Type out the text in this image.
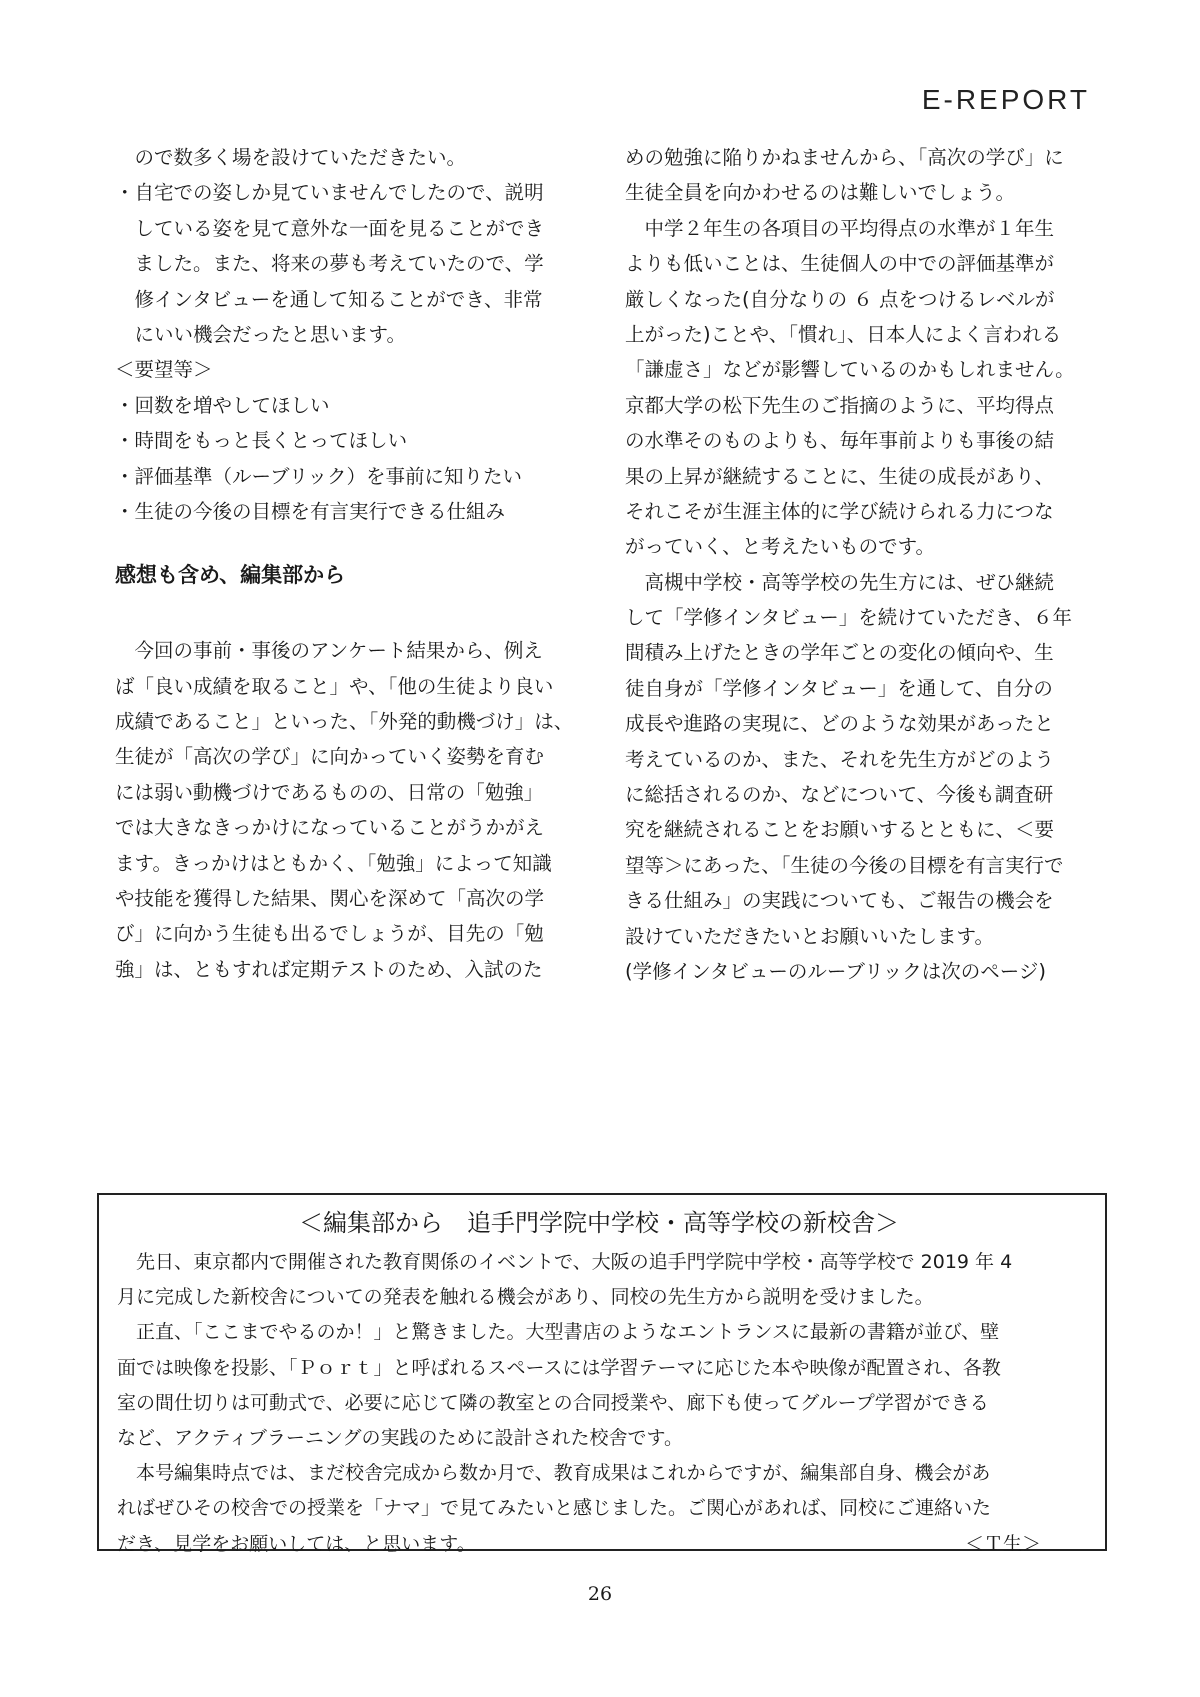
E-REPORT
　ので数多く場を設けていただきたい。
・自宅での姿しか見ていませんでしたので、説明
　している姿を見て意外な一面を見ることができ
　ました。また、将来の夢も考えていたので、学
　修インタビューを通して知ることができ、非常
　にいい機会だったと思います。
＜要望等＞
・回数を増やしてほしい
・時間をもっと長くとってほしい
・評価基準（ルーブリック）を事前に知りたい
・生徒の今後の目標を有言実行できる仕組み
感想も含め、編集部から
　今回の事前・事後のアンケート結果から、例え
ば「良い成績を取ること」や、「他の生徒より良い
成績であること」といった、「外発的動機づけ」は、
生徒が「高次の学び」に向かっていく姿勢を育む
には弱い動機づけであるものの、日常の「勉強」
では大きなきっかけになっていることがうかがえ
ます。きっかけはともかく、「勉強」によって知識
や技能を獲得した結果、関心を深めて「高次の学
び」に向かう生徒も出るでしょうが、目先の「勉
強」は、ともすれば定期テストのため、入試のた
めの勉強に陥りかねませんから、「高次の学び」に
生徒全員を向かわせるのは難しいでしょう。
　中学２年生の各項目の平均得点の水準が１年生
よりも低いことは、生徒個人の中での評価基準が
厳しくなった(自分なりの ６ 点をつけるレベルが
上がった)ことや、「慣れ」、日本人によく言われる
「謙虚さ」などが影響しているのかもしれません。
京都大学の松下先生のご指摘のように、平均得点
の水準そのものよりも、毎年事前よりも事後の結
果の上昇が継続することに、生徒の成長があり、
それこそが生涯主体的に学び続けられる力につな
がっていく、と考えたいものです。
　高槻中学校・高等学校の先生方には、ぜひ継続
して「学修インタビュー」を続けていただき、６年
間積み上げたときの学年ごとの変化の傾向や、生
徒自身が「学修インタビュー」を通して、自分の
成長や進路の実現に、どのような効果があったと
考えているのか、また、それを先生方がどのよう
に総括されるのか、などについて、今後も調査研
究を継続されることをお願いするとともに、＜要
望等＞にあった、「生徒の今後の目標を有言実行で
きる仕組み」の実践についても、ご報告の機会を
設けていただきたいとお願いいたします。
(学修インタビューのルーブリックは次のページ)
＜編集部から　追手門学院中学校・高等学校の新校舎＞
　先日、東京都内で開催された教育関係のイベントで、大阪の追手門学院中学校・高等学校で 2019 年 4
月に完成した新校舎についての発表を触れる機会があり、同校の先生方から説明を受けました。
　正直、「ここまでやるのか！」と驚きました。大型書店のようなエントランスに最新の書籍が並び、壁
面では映像を投影、「Ｐｏｒｔ」と呼ばれるスペースには学習テーマに応じた本や映像が配置され、各教
室の間仕切りは可動式で、必要に応じて隣の教室との合同授業や、廊下も使ってグループ学習ができる
など、アクティブラーニングの実践のために設計された校舎です。
　本号編集時点では、まだ校舎完成から数か月で、教育成果はこれからですが、編集部自身、機会があ
ればぜひその校舎での授業を「ナマ」で見てみたいと感じました。ご関心があれば、同校にご連絡いた
だき、見学をお願いしては、と思います。	＜Ｔ生＞
26
